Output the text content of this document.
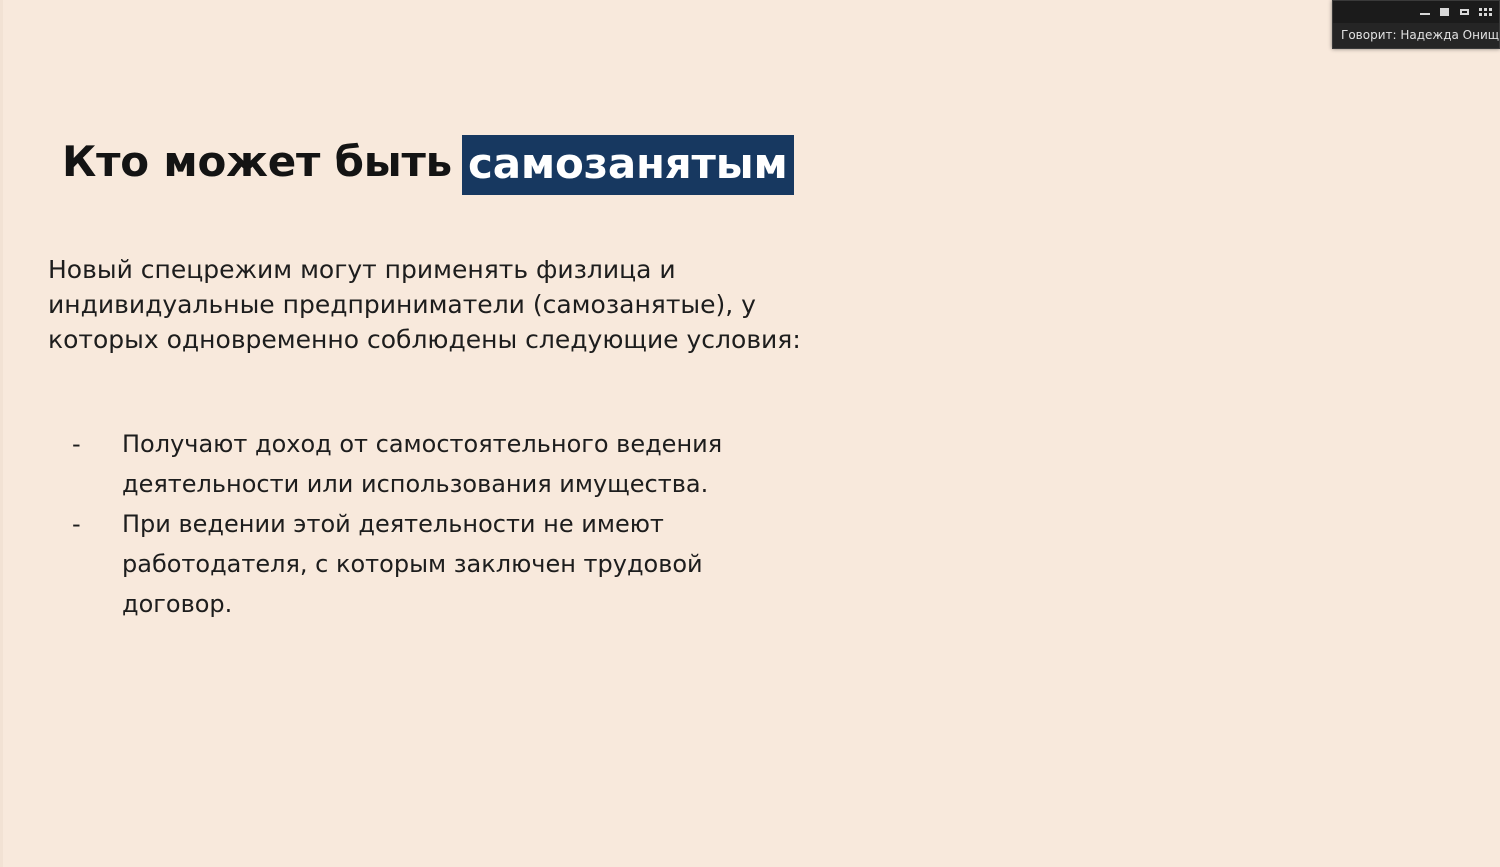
Кто может быть самозанятым

Новый спецрежим могут применять физлица и индивидуальные предприниматели (самозанятые), у которых одновременно соблюдены следующие условия:

-	Получают доход от самостоятельного ведения деятельности или использования имущества.
-	При ведении этой деятельности не имеют работодателя, с которым заключен трудовой договор.
Говорит: Надежда Онищ
